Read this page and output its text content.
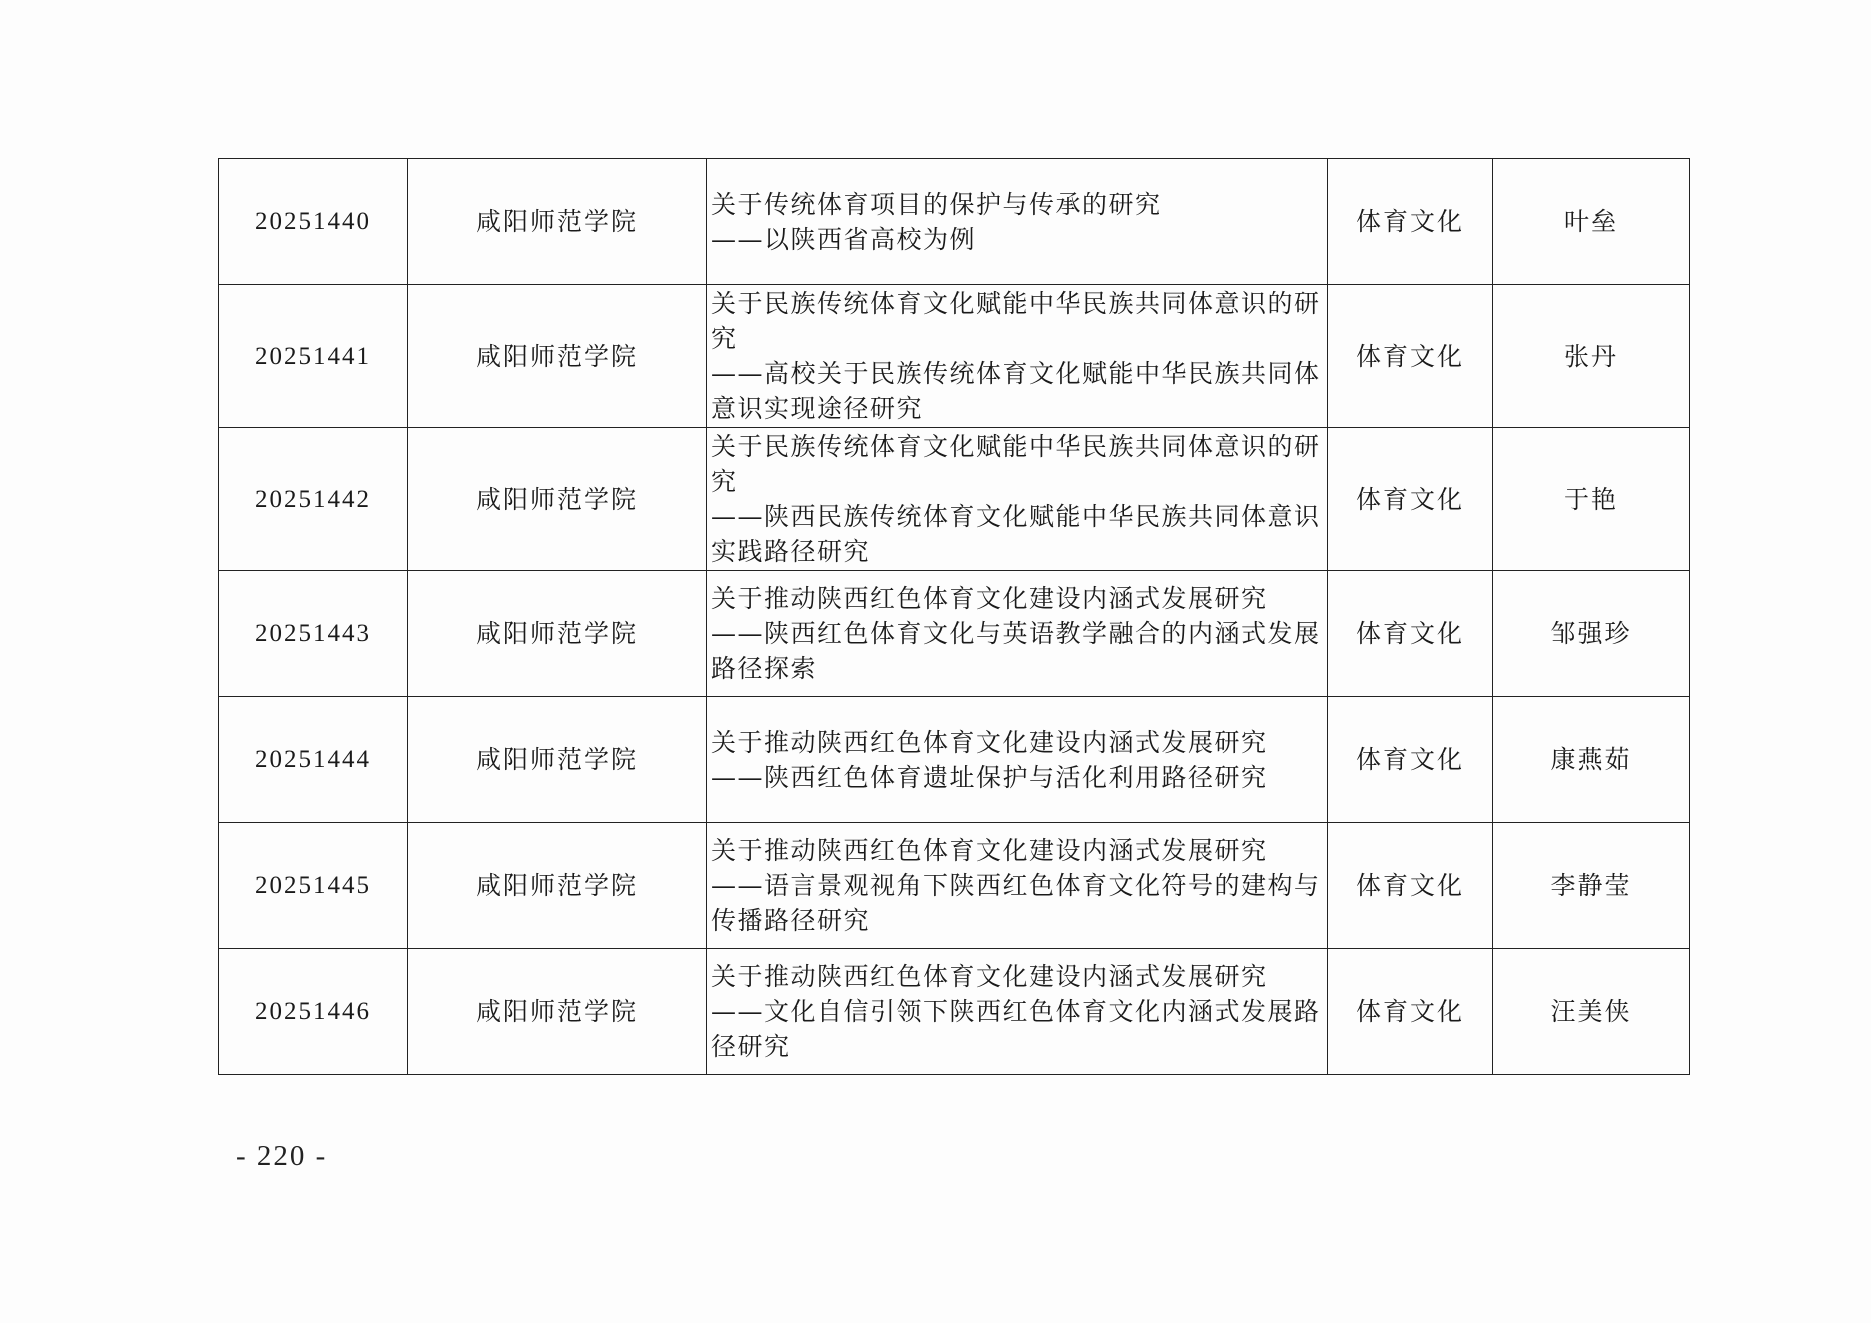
20251440	咸阳师范学院	关于传统体育项目的保护与传承的研究
——以陕西省高校为例	体育文化	叶垒
20251441	咸阳师范学院	关于民族传统体育文化赋能中华民族共同体意识的研
究
——高校关于民族传统体育文化赋能中华民族共同体
意识实现途径研究	体育文化	张丹
20251442	咸阳师范学院	关于民族传统体育文化赋能中华民族共同体意识的研
究
——陕西民族传统体育文化赋能中华民族共同体意识
实践路径研究	体育文化	于艳
20251443	咸阳师范学院	关于推动陕西红色体育文化建设内涵式发展研究
——陕西红色体育文化与英语教学融合的内涵式发展
路径探索	体育文化	邹强珍
20251444	咸阳师范学院	关于推动陕西红色体育文化建设内涵式发展研究
——陕西红色体育遗址保护与活化利用路径研究	体育文化	康燕茹
20251445	咸阳师范学院	关于推动陕西红色体育文化建设内涵式发展研究
——语言景观视角下陕西红色体育文化符号的建构与
传播路径研究	体育文化	李静莹
20251446	咸阳师范学院	关于推动陕西红色体育文化建设内涵式发展研究
——文化自信引领下陕西红色体育文化内涵式发展路
径研究	体育文化	汪美侠
- 220 -
